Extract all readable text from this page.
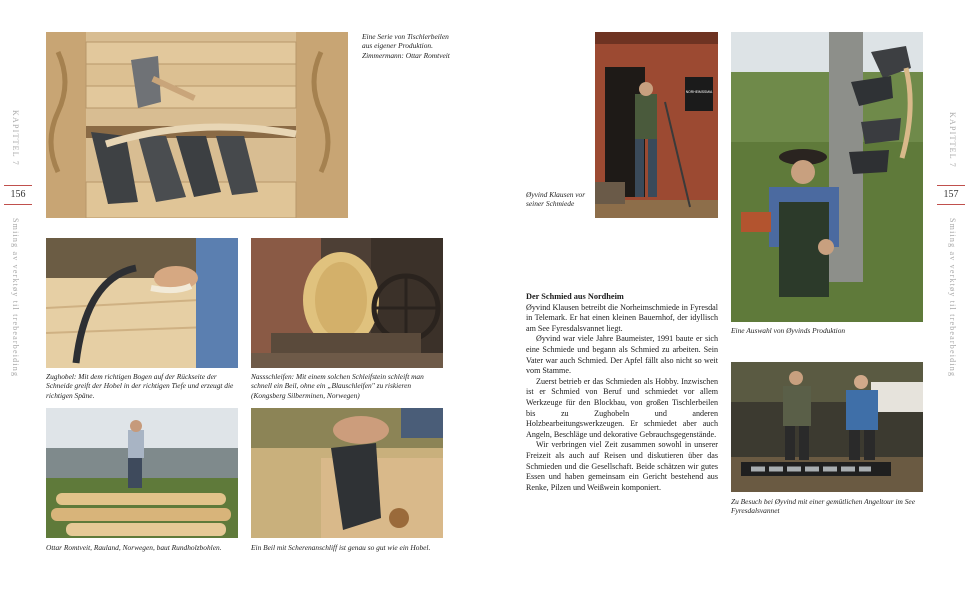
KAPITTEL 7
156
Smiing av verktøy til trebearbeiding
KAPITTEL 7
157
Smiing av verktøy til trebearbeiding
Eine Serie von Tischlerbeilen aus eigener Produktion. Zimmermann: Ottar Romtveit
Zughobel: Mit dem richtigen Bogen auf der Rückseite der Schneide greift der Hobel in der richtigen Tiefe und erzeugt die richtigen Späne.
Nassschleifen: Mit einem solchen Schleifstein schleift man schnell ein Beil, ohne ein „Blauschleifen" zu riskieren (Kongsberg Silberminen, Norwegen)
Ottar Romtveit, Rauland, Norwegen, baut Rundholzbohlen.	Ein Beil mit Scherenanschliff ist genau so gut wie ein Hobel.
NORHEIMSSMIA
Øyvind Klausen vor seiner Schmiede
Eine Auswahl von Øyvinds Produktion
Zu Besuch bei Øyvind mit einer gemütlichen Angeltour im See Fyresdalsvannet
Der Schmied aus Nordheim

Øyvind Klausen betreibt die Norheimschmiede in Fyresdal in Telemark. Er hat einen kleinen Bauernhof, der idyllisch am See Fyresdalsvannet liegt.

Øyvind war viele Jahre Baumeister, 1991 baute er sich eine Schmiede und begann als Schmied zu arbeiten. Sein Vater war auch Schmied. Der Apfel fällt also nicht so weit vom Stamme.

Zuerst betrieb er das Schmieden als Hobby. Inzwischen ist er Schmied von Beruf und schmiedet vor allem Werkzeuge für den Blockbau, von großen Tischlerbeilen bis zu Zughobeln und anderen Holzbearbeitungswerkzeugen. Er schmiedet aber auch Angeln, Beschläge und dekorative Gebrauchsgegenstände.

Wir verbringen viel Zeit zusammen sowohl in unserer Freizeit als auch auf Reisen und diskutieren über das Schmieden und die Gesellschaft. Beide schätzen wir gutes Essen und haben gemeinsam ein Gericht bestehend aus Renke, Pilzen und Weißwein komponiert.
